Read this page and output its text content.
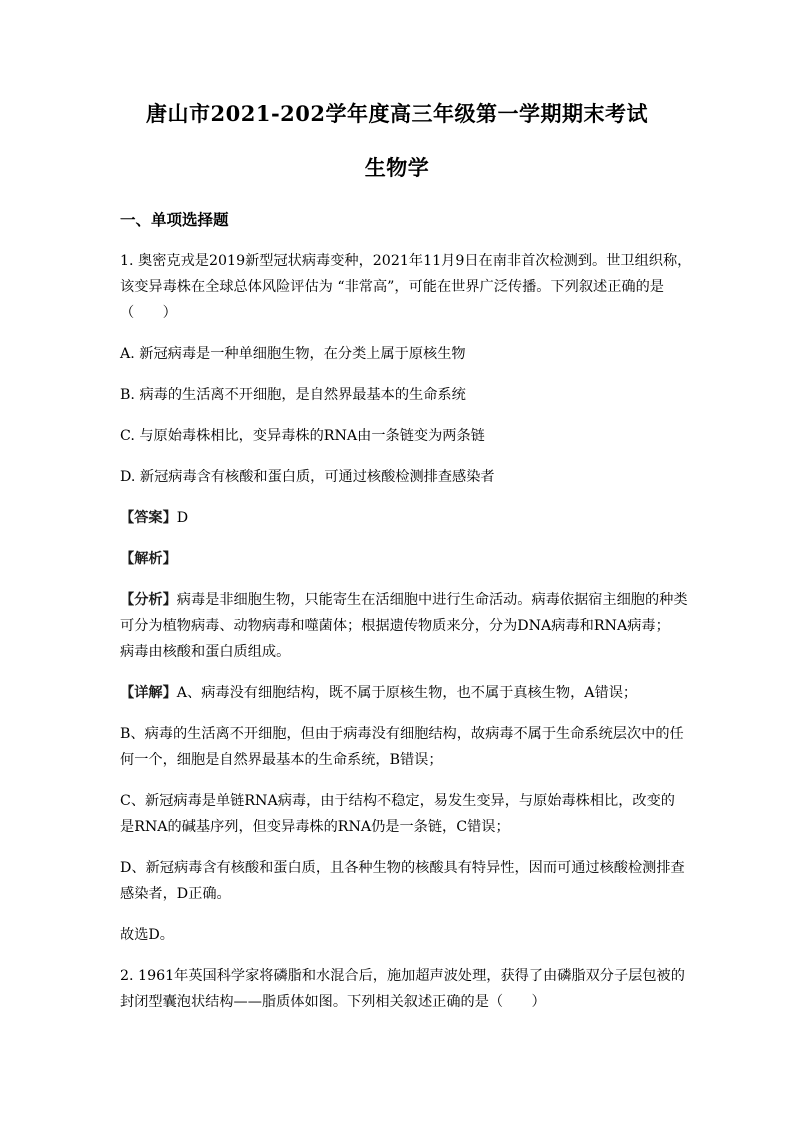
唐山市2021-202学年度高三年级第一学期期末考试
生物学
一、单项选择题
1. 奥密克戎是2019新型冠状病毒变种，2021年11月9日在南非首次检测到。世卫组织称，
该变异毒株在全球总体风险评估为 “非常高”，可能在世界广泛传播。下列叙述正确的是
（　　）
A. 新冠病毒是一种单细胞生物，在分类上属于原核生物
B. 病毒的生活离不开细胞，是自然界最基本的生命系统
C. 与原始毒株相比，变异毒株的RNA由一条链变为两条链
D. 新冠病毒含有核酸和蛋白质，可通过核酸检测排查感染者
【答案】D
【解析】
【分析】病毒是非细胞生物，只能寄生在活细胞中进行生命活动。病毒依据宿主细胞的种类
可分为植物病毒、动物病毒和噬菌体；根据遗传物质来分，分为DNA病毒和RNA病毒；
病毒由核酸和蛋白质组成。
【详解】A、病毒没有细胞结构，既不属于原核生物，也不属于真核生物，A错误；
B、病毒的生活离不开细胞，但由于病毒没有细胞结构，故病毒不属于生命系统层次中的任
何一个，细胞是自然界最基本的生命系统，B错误；
C、新冠病毒是单链RNA病毒，由于结构不稳定，易发生变异，与原始毒株相比，改变的
是RNA的碱基序列，但变异毒株的RNA仍是一条链，C错误；
D、新冠病毒含有核酸和蛋白质，且各种生物的核酸具有特异性，因而可通过核酸检测排查
感染者，D正确。
故选D。
2. 1961年英国科学家将磷脂和水混合后，施加超声波处理，获得了由磷脂双分子层包被的
封闭型囊泡状结构——脂质体如图。下列相关叙述正确的是（　　）
